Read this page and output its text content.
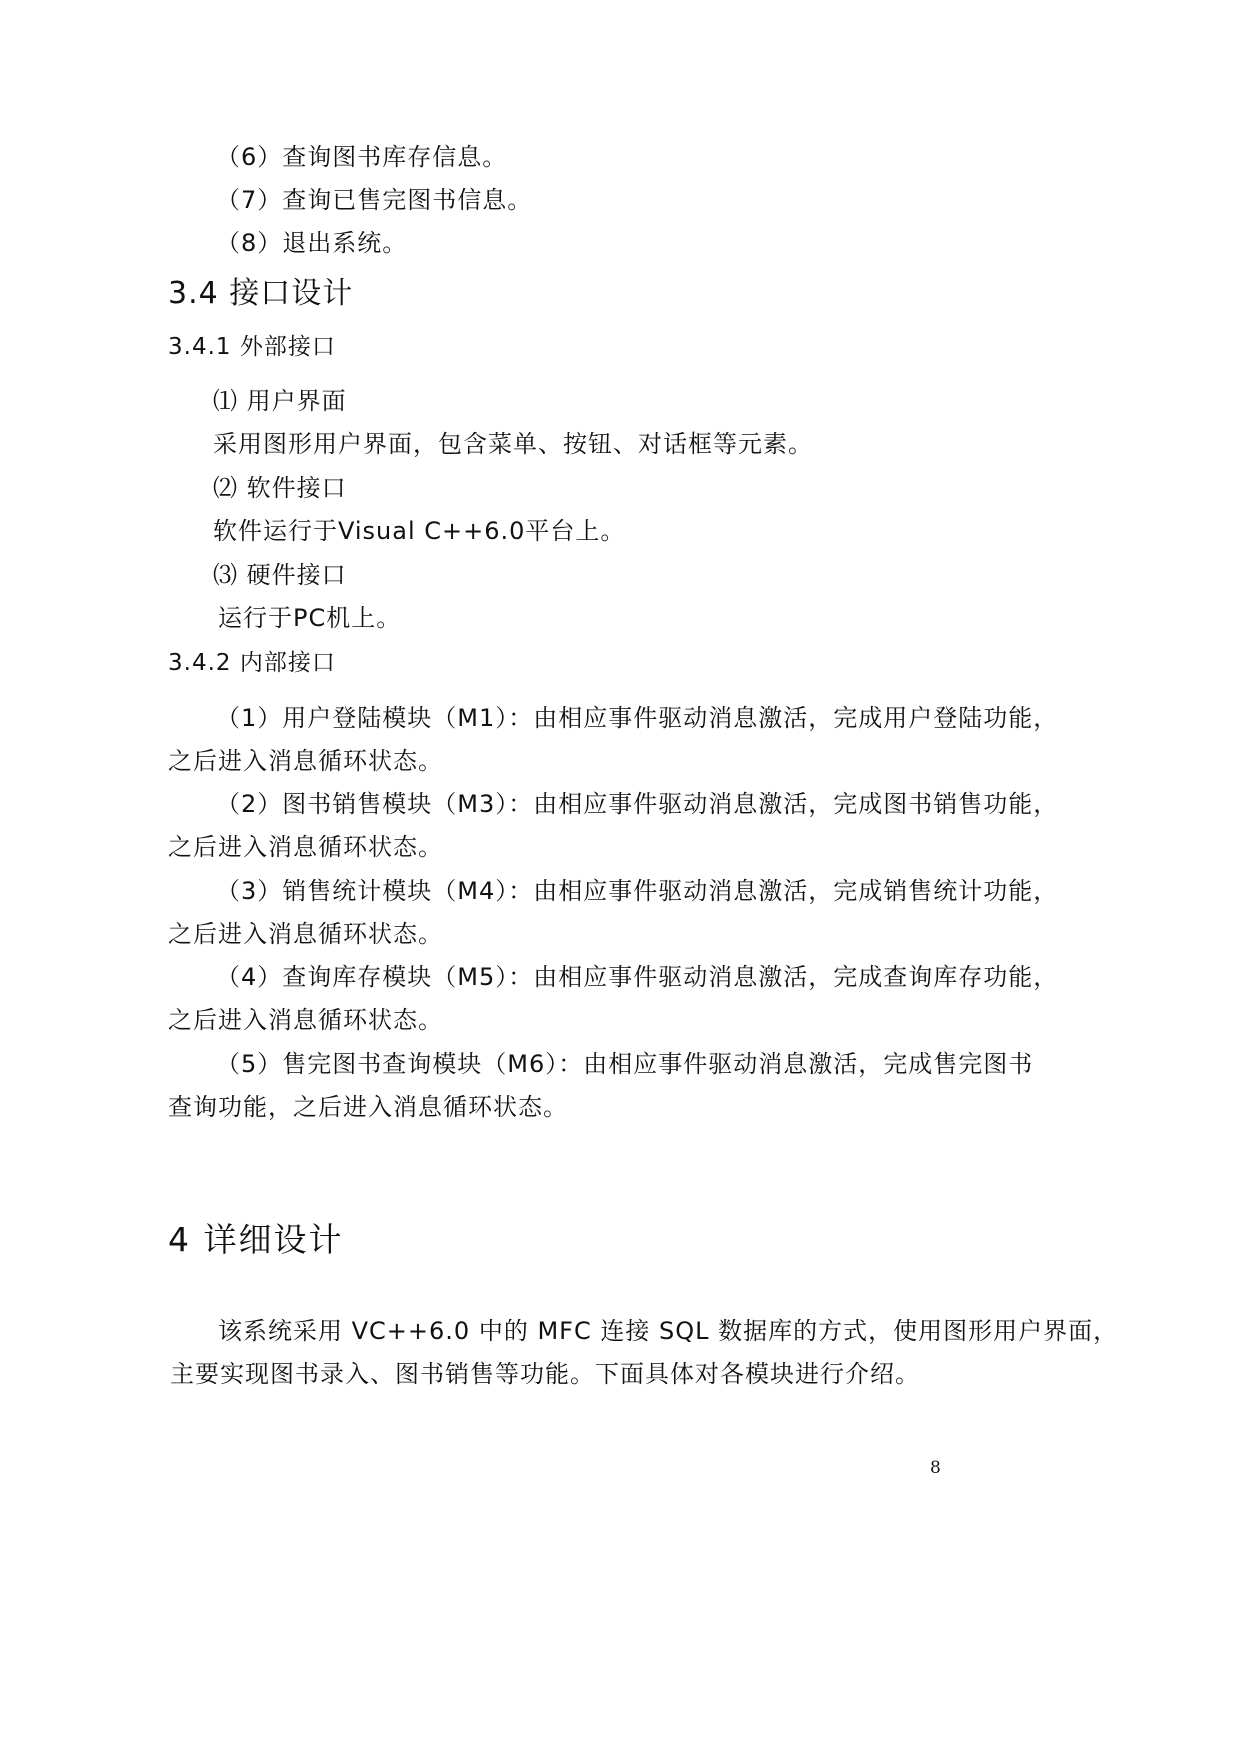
（6）查询图书库存信息。
（7）查询已售完图书信息。
（8）退出系统。
3.4 接口设计
3.4.1 外部接口
⑴ 用户界面
采用图形用户界面，包含菜单、按钮、对话框等元素。
⑵ 软件接口
软件运行于Visual C++6.0平台上。
⑶ 硬件接口
运行于PC机上。
3.4.2 内部接口
（1）用户登陆模块（M1）：由相应事件驱动消息激活，完成用户登陆功能，
之后进入消息循环状态。
（2）图书销售模块（M3）：由相应事件驱动消息激活，完成图书销售功能，
之后进入消息循环状态。
（3）销售统计模块（M4）：由相应事件驱动消息激活，完成销售统计功能，
之后进入消息循环状态。
（4）查询库存模块（M5）：由相应事件驱动消息激活，完成查询库存功能，
之后进入消息循环状态。
（5）售完图书查询模块（M6）：由相应事件驱动消息激活，完成售完图书
查询功能，之后进入消息循环状态。
4 详细设计
该系统采用 VC++6.0 中的 MFC 连接 SQL 数据库的方式，使用图形用户界面，
主要实现图书录入、图书销售等功能。下面具体对各模块进行介绍。
8
